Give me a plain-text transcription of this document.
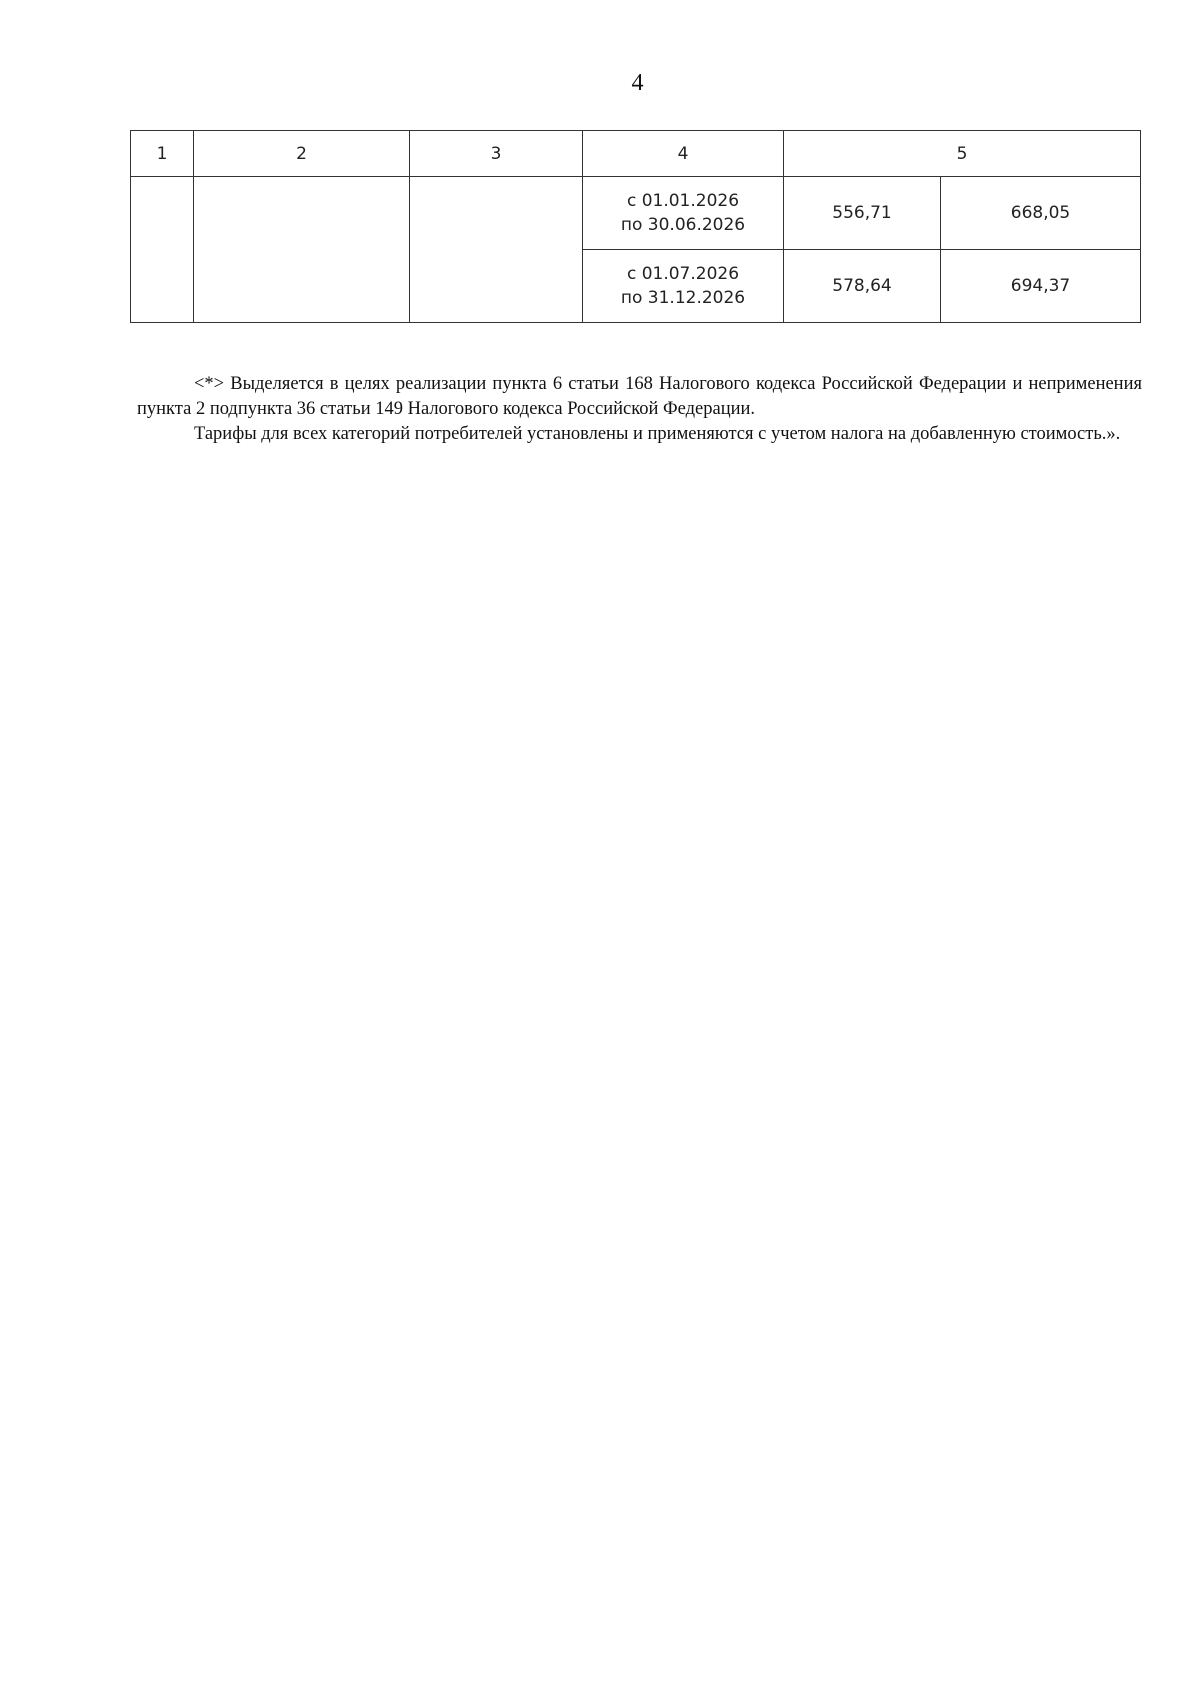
4
1	2	3	4	5	

			с 01.01.2026
по 30.06.2026	556,71	668,05

			с 01.07.2026
по 31.12.2026	578,64	694,37

<*> Выделяется в целях реализации пункта 6 статьи 168 Налогового кодекса Российской Федерации и неприменения пункта 2 подпункта 36 статьи 149 Налогового кодекса Российской Федерации.

Тарифы для всех категорий потребителей установлены и применяются с учетом налога на добавленную стоимость.».
